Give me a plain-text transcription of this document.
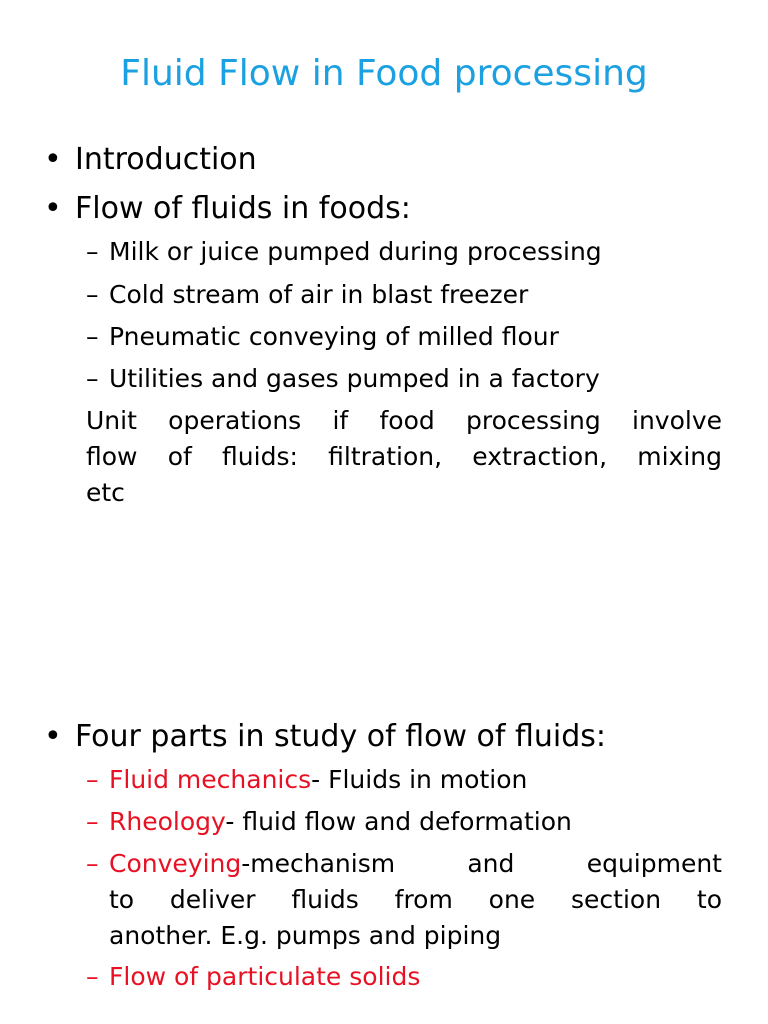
Fluid Flow in Food processing
• Introduction
• Flow of fluids in foods:
– Milk or juice pumped during processing
– Cold stream of air in blast freezer
– Pneumatic conveying of milled flour
– Utilities and gases pumped in a factory
Unit operations if food processing involve
flow of fluids: filtration, extraction, mixing
etc
• Four parts in study of flow of fluids:
– Fluid mechanics- Fluids in motion
– Rheology- fluid flow and deformation
– Conveying-mechanism and equipment
to deliver fluids from one section to
another. E.g. pumps and piping
– Flow of particulate solids
